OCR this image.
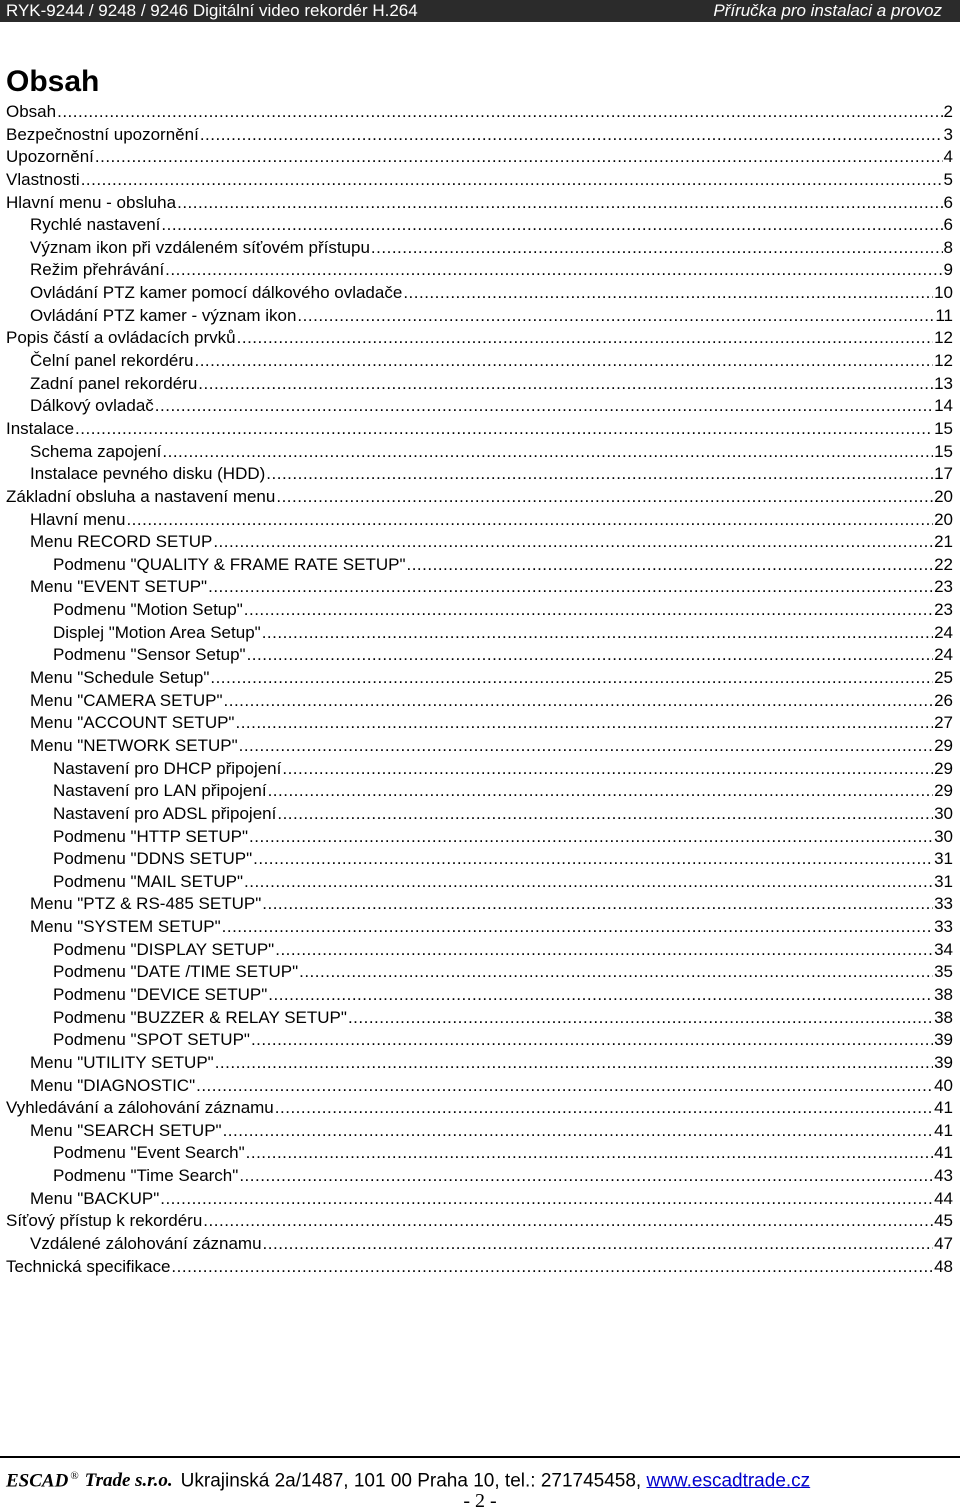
RYK-9244 / 9248 / 9246 Digitální video rekordér H.264	Příručka pro instalaci a provoz
Obsah
Obsah .....	2
Bezpečnostní upozornění .....	3
Upozornění .....	4
Vlastnosti .....	5
Hlavní menu - obsluha .....	6
Rychlé nastavení .....	6
Význam ikon při vzdáleném síťovém přístupu .....	8
Režim přehrávání .....	9
Ovládání PTZ kamer pomocí dálkového ovladače .....	10
Ovládání PTZ kamer - význam ikon .....	11
Popis částí a ovládacích prvků .....	12
Čelní panel rekordéru .....	12
Zadní panel rekordéru .....	13
Dálkový ovladač .....	14
Instalace .....	15
Schema zapojení .....	15
Instalace pevného disku (HDD) .....	17
Základní obsluha a nastavení menu .....	20
Hlavní menu .....	20
Menu RECORD SETUP .....	21
Podmenu "QUALITY & FRAME RATE SETUP" .....	22
Menu "EVENT SETUP" .....	23
Podmenu "Motion Setup" .....	23
Displej "Motion Area Setup" .....	24
Podmenu "Sensor Setup" .....	24
Menu "Schedule Setup" .....	25
Menu "CAMERA SETUP" .....	26
Menu "ACCOUNT SETUP" .....	27
Menu "NETWORK SETUP" .....	29
Nastavení pro DHCP připojení .....	29
Nastavení pro LAN připojení .....	29
Nastavení pro ADSL připojení .....	30
Podmenu "HTTP SETUP" .....	30
Podmenu "DDNS SETUP" .....	31
Podmenu "MAIL SETUP" .....	31
Menu "PTZ & RS-485 SETUP" .....	33
Menu "SYSTEM SETUP" .....	33
Podmenu "DISPLAY SETUP" .....	34
Podmenu "DATE /TIME SETUP" .....	35
Podmenu "DEVICE SETUP" .....	38
Podmenu "BUZZER & RELAY SETUP" .....	38
Podmenu "SPOT SETUP" .....	39
Menu "UTILITY SETUP" .....	39
Menu "DIAGNOSTIC" .....	40
Vyhledávání a zálohování záznamu .....	41
Menu "SEARCH SETUP" .....	41
Podmenu "Event Search" .....	41
Podmenu "Time Search" .....	43
Menu "BACKUP" .....	44
Síťový přístup k rekordéru .....	45
Vzdálené zálohování záznamu .....	47
Technická specifikace .....	48
ESCAD ® Trade s.r.o. Ukrajinská 2a/1487, 101 00 Praha 10, tel.: 271745458, www.escadtrade.cz
- 2 -
